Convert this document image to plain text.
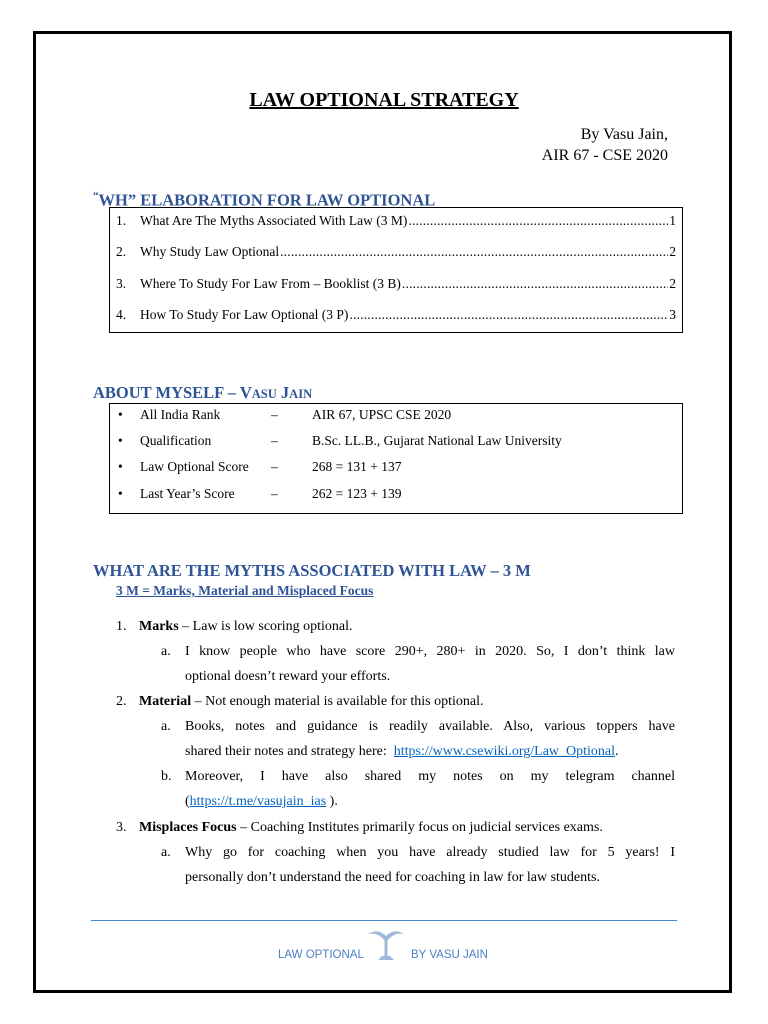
LAW OPTIONAL STRATEGY
By Vasu Jain,
AIR 67 - CSE 2020
“WH” ELABORATION FOR LAW OPTIONAL
1.	What Are The Myths Associated With Law (3 M) .....	1
2.	Why Study Law Optional .....	2
3.	Where To Study For Law From – Booklist (3 B) .....	2
4.	How To Study For Law Optional (3 P) .....	3
ABOUT MYSELF – VASU JAIN
• All India Rank	–	AIR 67, UPSC CSE 2020
• Qualification	–	B.Sc. LL.B., Gujarat National Law University
• Law Optional Score –	268 = 131 + 137
• Last Year’s Score	–	262 = 123 + 139
WHAT ARE THE MYTHS ASSOCIATED WITH LAW – 3 M
3 M = Marks, Material and Misplaced Focus
1. Marks – Law is low scoring optional.
a. I know people who have score 290+, 280+ in 2020. So, I don’t think law
optional doesn’t reward your efforts.
2. Material – Not enough material is available for this optional.
a. Books, notes and guidance is readily available. Also, various toppers have
shared their notes and strategy here:  https://www.csewiki.org/Law_Optional.
b. Moreover, I have also shared my notes on my telegram channel
(https://t.me/vasujain_ias ).
3. Misplaces Focus – Coaching Institutes primarily focus on judicial services exams.
a. Why go for coaching when you have already studied law for 5 years! I
personally don’t understand the need for coaching in law for law students.
LAW OPTIONAL	BY VASU JAIN
